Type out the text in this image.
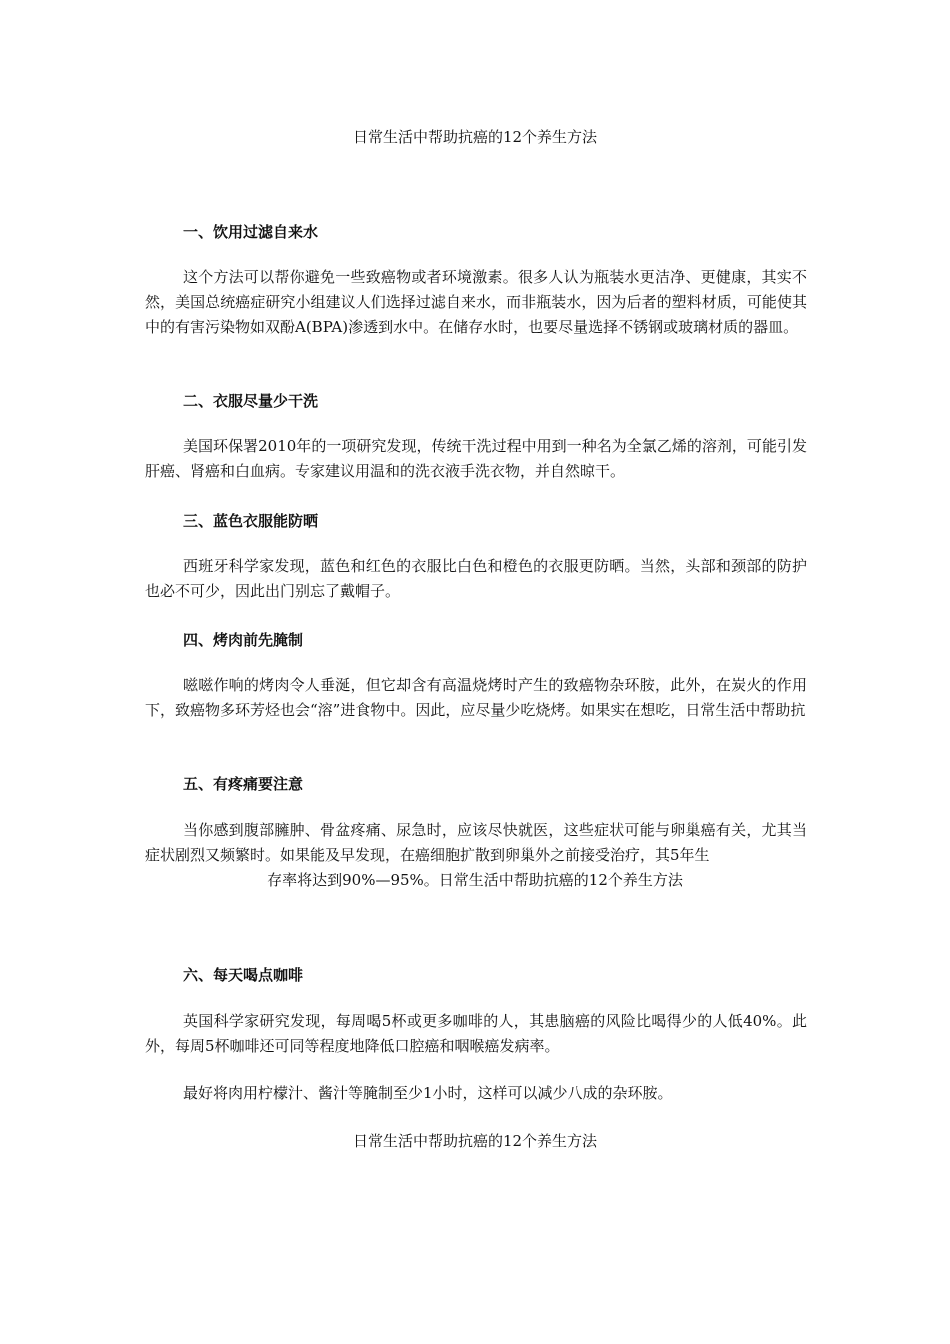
日常生活中帮助抗癌的12个养生方法

一、饮用过滤自来水

这个方法可以帮你避免一些致癌物或者环境激素。很多人认为瓶装水更洁净、更健康，其实不然，美国总统癌症研究小组建议人们选择过滤自来水，而非瓶装水，因为后者的塑料材质，可能使其中的有害污染物如双酚A(BPA)渗透到水中。在储存水时，也要尽量选择不锈钢或玻璃材质的器皿。

二、衣服尽量少干洗

美国环保署2010年的一项研究发现，传统干洗过程中用到一种名为全氯乙烯的溶剂，可能引发肝癌、肾癌和白血病。专家建议用温和的洗衣液手洗衣物，并自然晾干。

三、蓝色衣服能防晒

西班牙科学家发现，蓝色和红色的衣服比白色和橙色的衣服更防晒。当然，头部和颈部的防护也必不可少，因此出门别忘了戴帽子。

四、烤肉前先腌制

嗞嗞作响的烤肉令人垂涎，但它却含有高温烧烤时产生的致癌物杂环胺，此外，在炭火的作用下，致癌物多环芳烃也会“溶”进食物中。因此，应尽量少吃烧烤。如果实在想吃，日常生活中帮助抗

五、有疼痛要注意

当你感到腹部臃肿、骨盆疼痛、尿急时，应该尽快就医，这些症状可能与卵巢癌有关，尤其当症状剧烈又频繁时。如果能及早发现，在癌细胞扩散到卵巢外之前接受治疗，其5年生

存率将达到90%—95%。日常生活中帮助抗癌的12个养生方法

六、每天喝点咖啡

英国科学家研究发现，每周喝5杯或更多咖啡的人，其患脑癌的风险比喝得少的人低40%。此外，每周5杯咖啡还可同等程度地降低口腔癌和咽喉癌发病率。

最好将肉用柠檬汁、酱汁等腌制至少1小时，这样可以减少八成的杂环胺。

日常生活中帮助抗癌的12个养生方法
